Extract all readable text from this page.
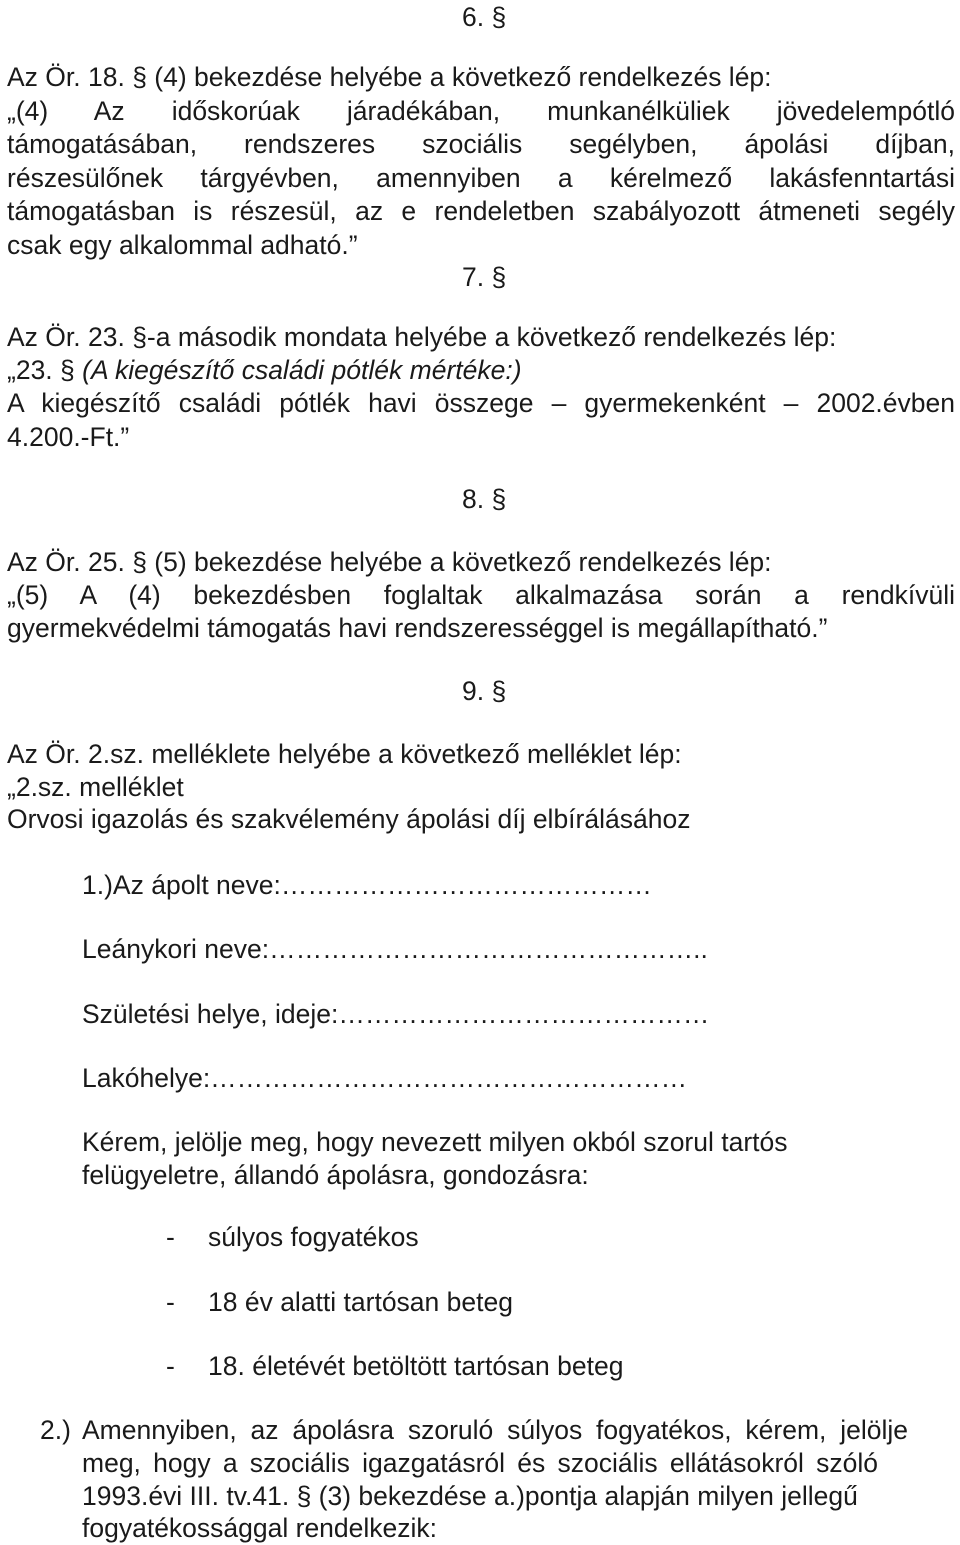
6. §
Az Ör. 18. § (4) bekezdése helyébe a következő rendelkezés lép:
„(4) Az időskorúak járadékában, munkanélküliek jövedelempótló
támogatásában, rendszeres szociális segélyben, ápolási díjban,
részesülőnek tárgyévben, amennyiben a kérelmező lakásfenntartási
támogatásban is részesül, az e rendeletben szabályozott átmeneti segély
csak egy alkalommal adható.”
7. §
Az Ör. 23. §-a második mondata helyébe a következő rendelkezés lép:
„23. § (A kiegészítő családi pótlék mértéke:)
A kiegészítő családi pótlék havi összege – gyermekenként – 2002.évben
4.200.-Ft.”
8. §
Az Ör. 25. § (5) bekezdése helyébe a következő rendelkezés lép:
„(5) A (4) bekezdésben foglaltak alkalmazása során a rendkívüli
gyermekvédelmi támogatás havi rendszerességgel is megállapítható.”
9. §
Az Ör. 2.sz. melléklete helyébe a következő melléklet lép:
„2.sz. melléklet
Orvosi igazolás és szakvélemény ápolási díj elbírálásához
1.)Az ápolt neve:……………………………………
Leánykori neve:…………………………………………..
Születési helye, ideje:……………………………………
Lakóhelye:………………………………………………
Kérem, jelölje meg, hogy nevezett milyen okból szorul tartós
felügyeletre, állandó ápolásra, gondozásra:
- súlyos fogyatékos
- 18 év alatti tartósan beteg
- 18. életévét betöltött tartósan beteg
2.) Amennyiben, az ápolásra szoruló súlyos fogyatékos, kérem, jelölje
meg, hogy a szociális igazgatásról és szociális ellátásokról szóló
1993.évi III. tv.41. § (3) bekezdése a.)pontja alapján milyen jellegű
fogyatékossággal rendelkezik:
